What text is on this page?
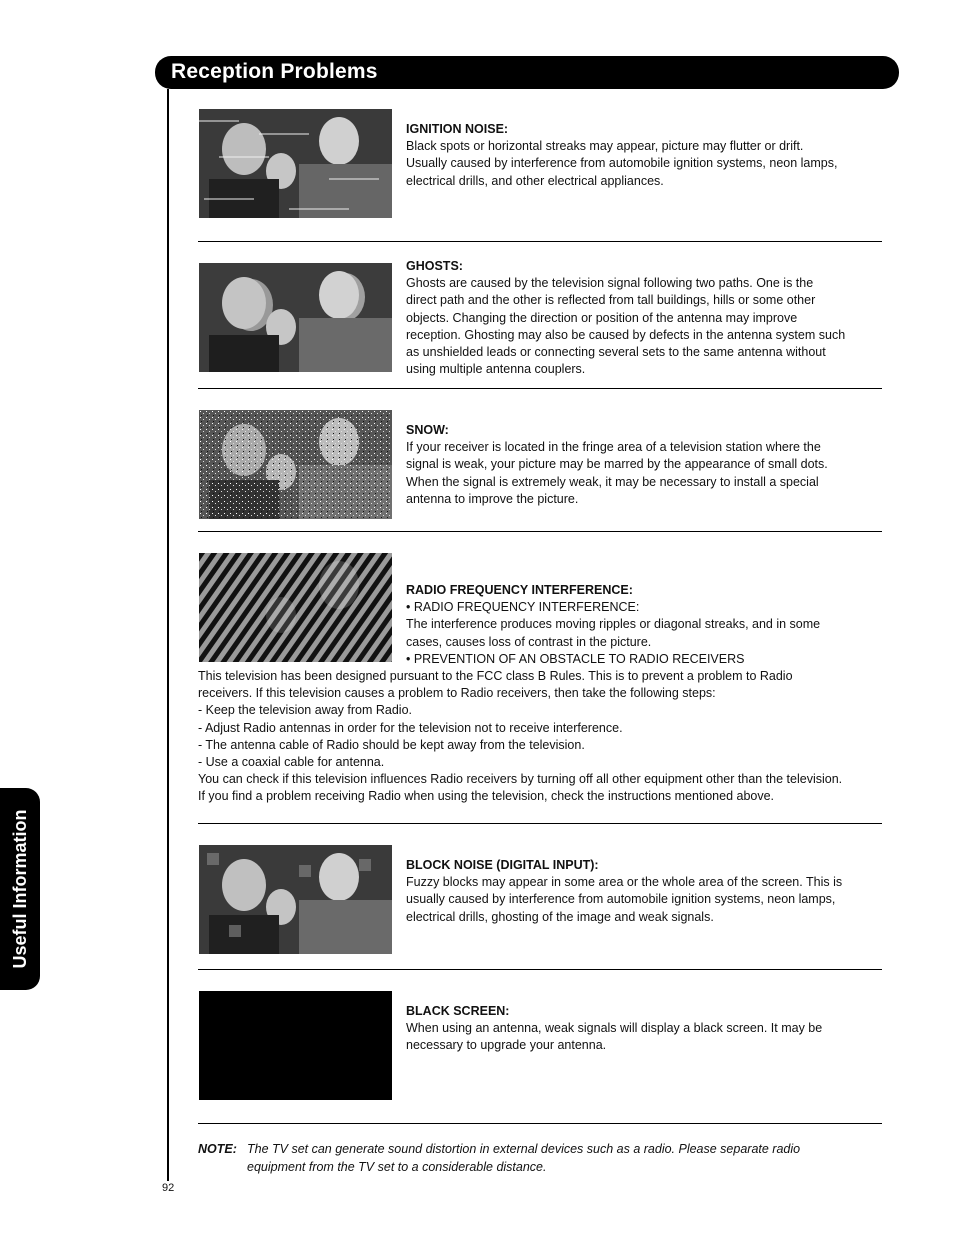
Reception Problems
Useful Information
IGNITION NOISE:
Black spots or horizontal streaks may appear, picture may flutter or drift.
Usually caused by interference from automobile ignition systems, neon lamps,
electrical drills, and other electrical appliances.
GHOSTS:
Ghosts are caused by the television signal following two paths. One is the
direct path and the other is reflected from tall buildings, hills or some other
objects. Changing the direction or position of the antenna may improve
reception. Ghosting may also be caused by defects in the antenna system such
as unshielded leads or connecting several sets to the same antenna without
using multiple antenna couplers.
SNOW:
If your receiver is located in the fringe area of a television station where the
signal is weak, your picture may be marred by the appearance of small dots.
When the signal is extremely weak, it may be necessary to install a special
antenna to improve the picture.
RADIO FREQUENCY INTERFERENCE:
• RADIO FREQUENCY INTERFERENCE:
The interference produces moving ripples or diagonal streaks, and in some
cases, causes loss of contrast in the picture.
• PREVENTION OF AN OBSTACLE TO RADIO RECEIVERS
This television has been designed pursuant to the FCC class B Rules. This is to prevent a problem to Radio
receivers. If this television causes a problem to Radio receivers, then take the following steps:
- Keep the television away from Radio.
- Adjust Radio antennas in order for the television not to receive interference.
- The antenna cable of Radio should be kept away from the television.
- Use a coaxial cable for antenna.
You can check if this television influences Radio receivers by turning off all other equipment other than the television.
If you find a problem receiving Radio when using the television, check the instructions mentioned above.
BLOCK NOISE (DIGITAL INPUT):
Fuzzy blocks may appear in some area or the whole area of the screen. This is
usually caused by interference from automobile ignition systems, neon lamps,
electrical drills, ghosting of the image and weak signals.
BLACK SCREEN:
When using an antenna, weak signals will display a black screen. It may be
necessary to upgrade your antenna.
NOTE: The TV set can generate sound distortion in external devices such as a radio. Please separate radio
equipment from the TV set to a considerable distance.
92
